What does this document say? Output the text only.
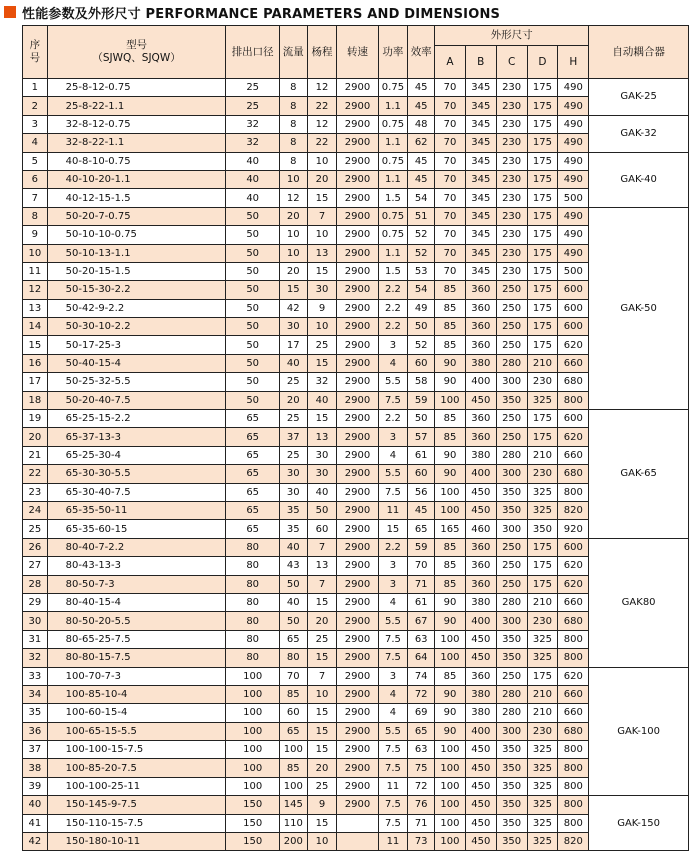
性能参数及外形尺寸 PERFORMANCE PARAMETERS AND DIMENSIONS
序
号	型号
（SJWQ、SJQW）	排出口径	流量	杨程	转速	功率	效率	外形尺寸					自动耦合器
								A	B	C	D	H	
1	25-8-12-0.75	25	8	12	2900	0.75	45	70	345	230	175	490	GAK-25
2	25-8-22-1.1	25	8	22	2900	1.1	45	70	345	230	175	490	
3	32-8-12-0.75	32	8	12	2900	0.75	48	70	345	230	175	490	GAK-32
4	32-8-22-1.1	32	8	22	2900	1.1	62	70	345	230	175	490	
5	40-8-10-0.75	40	8	10	2900	0.75	45	70	345	230	175	490	GAK-40
6	40-10-20-1.1	40	10	20	2900	1.1	45	70	345	230	175	490	
7	40-12-15-1.5	40	12	15	2900	1.5	54	70	345	230	175	500	
8	50-20-7-0.75	50	20	7	2900	0.75	51	70	345	230	175	490	GAK-50
9	50-10-10-0.75	50	10	10	2900	0.75	52	70	345	230	175	490	
10	50-10-13-1.1	50	10	13	2900	1.1	52	70	345	230	175	490	
11	50-20-15-1.5	50	20	15	2900	1.5	53	70	345	230	175	500	
12	50-15-30-2.2	50	15	30	2900	2.2	54	85	360	250	175	600	
13	50-42-9-2.2	50	42	9	2900	2.2	49	85	360	250	175	600	
14	50-30-10-2.2	50	30	10	2900	2.2	50	85	360	250	175	600	
15	50-17-25-3	50	17	25	2900	3	52	85	360	250	175	620	
16	50-40-15-4	50	40	15	2900	4	60	90	380	280	210	660	
17	50-25-32-5.5	50	25	32	2900	5.5	58	90	400	300	230	680	
18	50-20-40-7.5	50	20	40	2900	7.5	59	100	450	350	325	800	
19	65-25-15-2.2	65	25	15	2900	2.2	50	85	360	250	175	600	GAK-65
20	65-37-13-3	65	37	13	2900	3	57	85	360	250	175	620	
21	65-25-30-4	65	25	30	2900	4	61	90	380	280	210	660	
22	65-30-30-5.5	65	30	30	2900	5.5	60	90	400	300	230	680	
23	65-30-40-7.5	65	30	40	2900	7.5	56	100	450	350	325	800	
24	65-35-50-11	65	35	50	2900	11	45	100	450	350	325	820	
25	65-35-60-15	65	35	60	2900	15	65	165	460	300	350	920	
26	80-40-7-2.2	80	40	7	2900	2.2	59	85	360	250	175	600	GAK80
27	80-43-13-3	80	43	13	2900	3	70	85	360	250	175	620	
28	80-50-7-3	80	50	7	2900	3	71	85	360	250	175	620	
29	80-40-15-4	80	40	15	2900	4	61	90	380	280	210	660	
30	80-50-20-5.5	80	50	20	2900	5.5	67	90	400	300	230	680	
31	80-65-25-7.5	80	65	25	2900	7.5	63	100	450	350	325	800	
32	80-80-15-7.5	80	80	15	2900	7.5	64	100	450	350	325	800	
33	100-70-7-3	100	70	7	2900	3	74	85	360	250	175	620	GAK-100
34	100-85-10-4	100	85	10	2900	4	72	90	380	280	210	660	
35	100-60-15-4	100	60	15	2900	4	69	90	380	280	210	660	
36	100-65-15-5.5	100	65	15	2900	5.5	65	90	400	300	230	680	
37	100-100-15-7.5	100	100	15	2900	7.5	63	100	450	350	325	800	
38	100-85-20-7.5	100	85	20	2900	7.5	75	100	450	350	325	800	
39	100-100-25-11	100	100	25	2900	11	72	100	450	350	325	800	
40	150-145-9-7.5	150	145	9	2900	7.5	76	100	450	350	325	800	GAK-150
41	150-110-15-7.5	150	110	15		7.5	71	100	450	350	325	800	
42	150-180-10-11	150	200	10		11	73	100	450	350	325	820	
